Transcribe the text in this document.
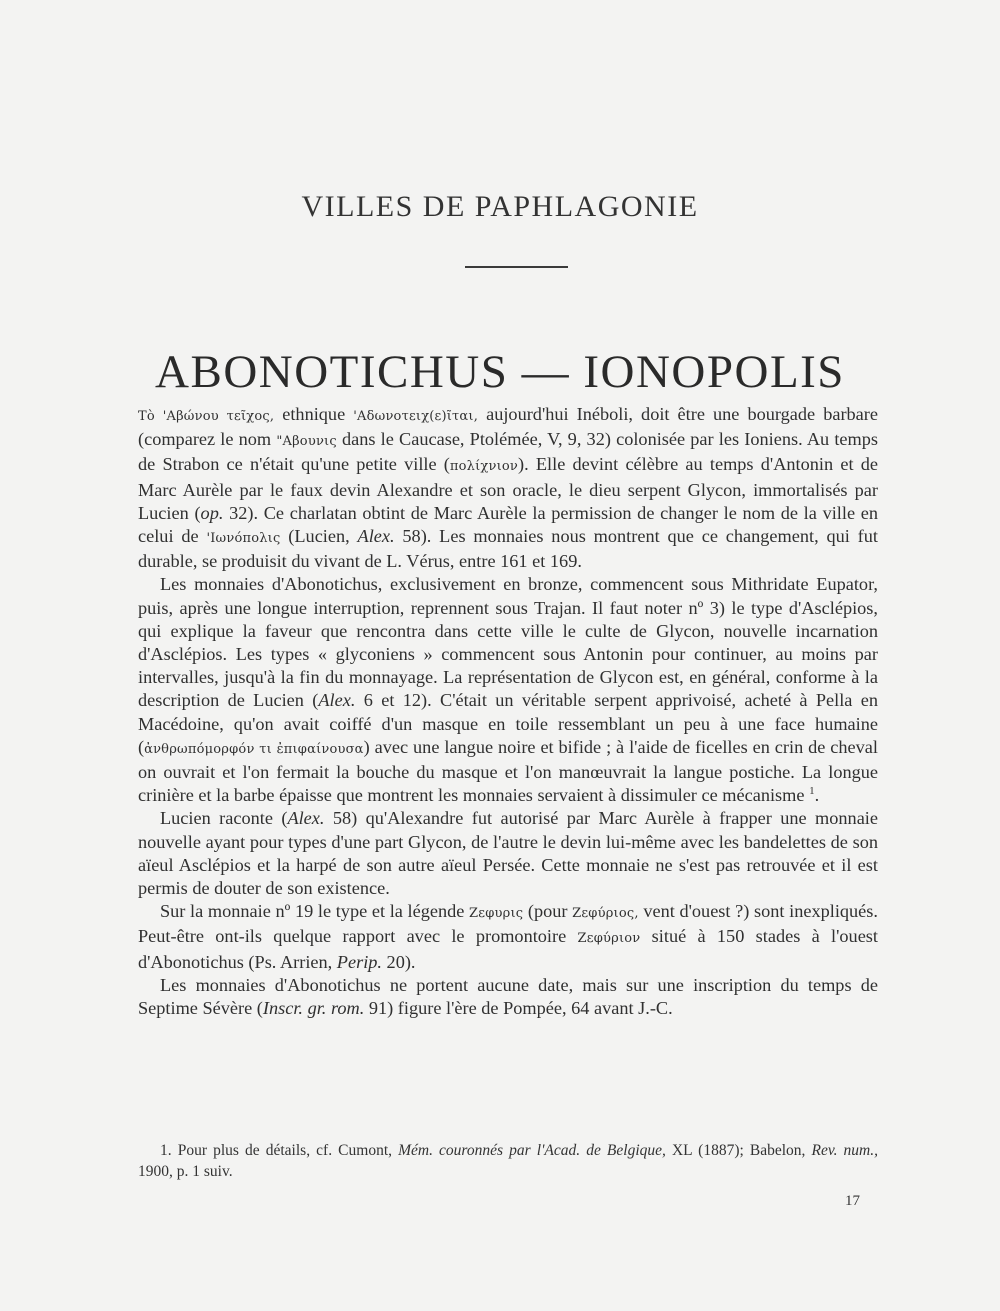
VILLES DE PAPHLAGONIE
ABONOTICHUS — IONOPOLIS

Τὸ 'Αβώνου τεῖχος, ethnique 'Αδωνοτειχ(ε)ῖται, aujourd'hui Inéboli, doit être une bourgade barbare (comparez le nom "Αβουνις dans le Caucase, Ptolémée, V, 9, 32) colonisée par les Ioniens. Au temps de Strabon ce n'était qu'une petite ville (πολίχνιον). Elle devint célèbre au temps d'Antonin et de Marc Aurèle par le faux devin Alexandre et son oracle, le dieu serpent Glycon, immortalisés par Lucien (op. 32). Ce charlatan obtint de Marc Aurèle la permission de changer le nom de la ville en celui de 'Ιωνόπολις (Lucien, Alex. 58). Les monnaies nous montrent que ce changement, qui fut durable, se produisit du vivant de L. Vérus, entre 161 et 169.

Les monnaies d'Abonotichus, exclusivement en bronze, commencent sous Mithridate Eupator, puis, après une longue interruption, reprennent sous Trajan. Il faut noter nº 3) le type d'Asclépios, qui explique la faveur que rencontra dans cette ville le culte de Glycon, nouvelle incarnation d'Asclépios. Les types « glyconiens » commencent sous Antonin pour continuer, au moins par intervalles, jusqu'à la fin du monnayage. La représentation de Glycon est, en général, conforme à la description de Lucien (Alex. 6 et 12). C'était un véritable serpent apprivoisé, acheté à Pella en Macédoine, qu'on avait coiffé d'un masque en toile ressemblant un peu à une face humaine (ἀνθρωπόμορφόν τι ἐπιφαίνουσα) avec une langue noire et bifide ; à l'aide de ficelles en crin de cheval on ouvrait et l'on fermait la bouche du masque et l'on manœuvrait la langue postiche. La longue crinière et la barbe épaisse que montrent les monnaies servaient à dissimuler ce mécanisme $^1$.

Lucien raconte (Alex. 58) qu'Alexandre fut autorisé par Marc Aurèle à frapper une monnaie nouvelle ayant pour types d'une part Glycon, de l'autre le devin lui-même avec les bandelettes de son aïeul Asclépios et la harpé de son autre aïeul Persée. Cette monnaie ne s'est pas retrouvée et il est permis de douter de son existence.

Sur la monnaie nº 19 le type et la légende Ζεφυρις (pour Ζεφύριος, vent d'ouest ?) sont inexpliqués. Peut-être ont-ils quelque rapport avec le promontoire Ζεφύριον situé à 150 stades à l'ouest d'Abonotichus (Ps. Arrien, Perip. 20).

Les monnaies d'Abonotichus ne portent aucune date, mais sur une inscription du temps de Septime Sévère (Inscr. gr. rom. 91) figure l'ère de Pompée, 64 avant J.-C.

1. Pour plus de détails, cf. Cumont, Mém. couronnés par l'Acad. de Belgique, XL (1887); Babelon, Rev. num., 1900, p. 1 suiv.

17
